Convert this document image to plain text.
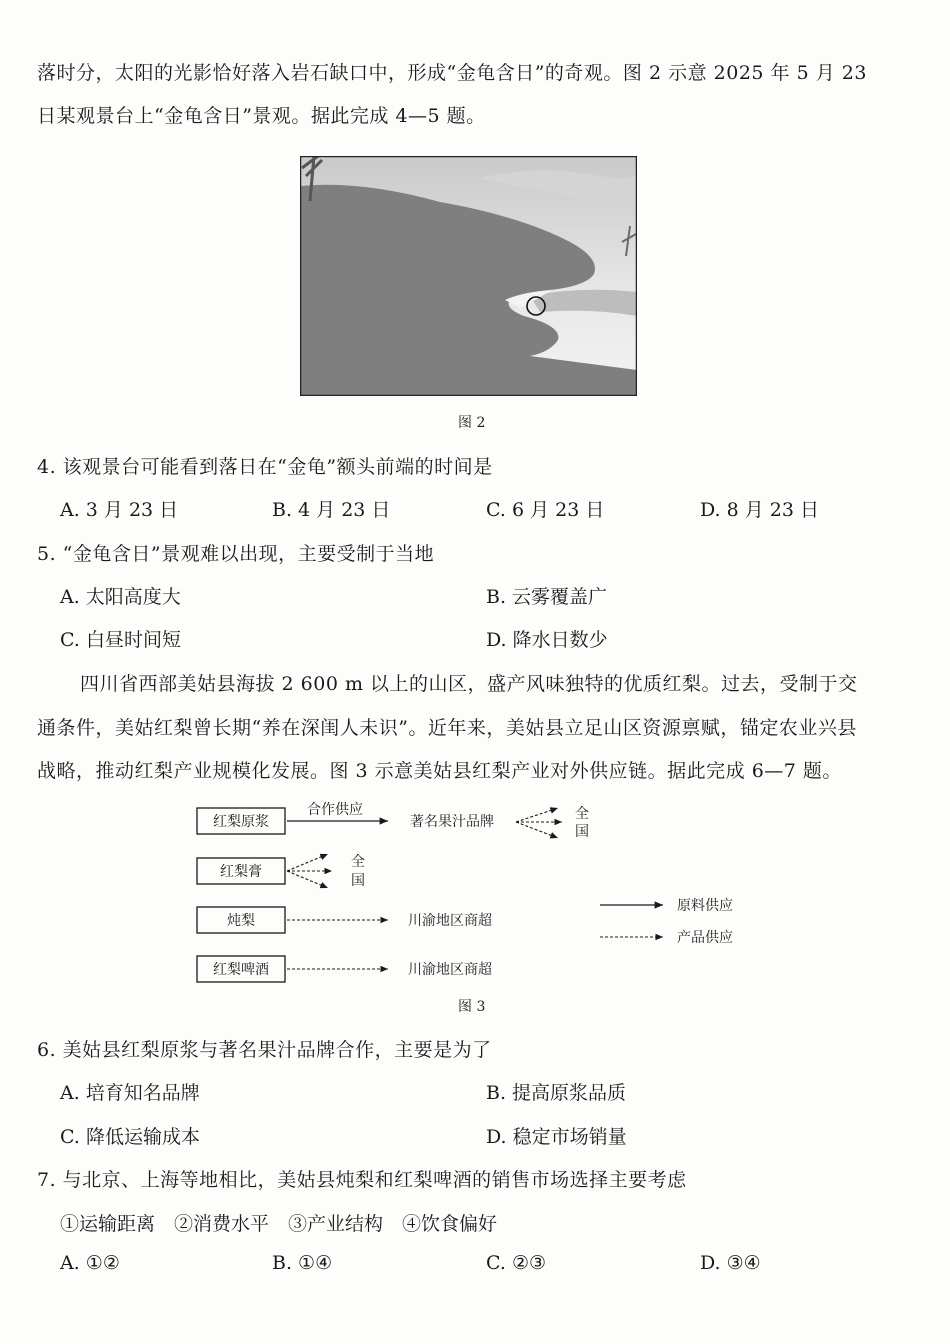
落时分，太阳的光影恰好落入岩石缺口中，形成“金龟含日”的奇观。图 2 示意 2025 年 5 月 23
日某观景台上“金龟含日”景观。据此完成 4—5 题。
图 2
4. 该观景台可能看到落日在“金龟”额头前端的时间是
A. 3 月 23 日	B. 4 月 23 日	C. 6 月 23 日	D. 8 月 23 日
5. “金龟含日”景观难以出现，主要受制于当地
A. 太阳高度大	B. 云雾覆盖广
C. 白昼时间短	D. 降水日数少
四川省西部美姑县海拔 2 600 m 以上的山区，盛产风味独特的优质红梨。过去，受制于交
通条件，美姑红梨曾长期“养在深闺人未识”。近年来，美姑县立足山区资源禀赋，锚定农业兴县
战略，推动红梨产业规模化发展。图 3 示意美姑县红梨产业对外供应链。据此完成 6—7 题。
红梨原浆
红梨膏
炖梨
红梨啤酒
合作供应
著名果汁品牌	全
国
全
国
川渝地区商超
川渝地区商超
原料供应
产品供应
图 3
6. 美姑县红梨原浆与著名果汁品牌合作，主要是为了
A. 培育知名品牌	B. 提高原浆品质
C. 降低运输成本	D. 稳定市场销量
7. 与北京、上海等地相比，美姑县炖梨和红梨啤酒的销售市场选择主要考虑
①运输距离　②消费水平　③产业结构　④饮食偏好
A. ①②	B. ①④	C. ②③	D. ③④
